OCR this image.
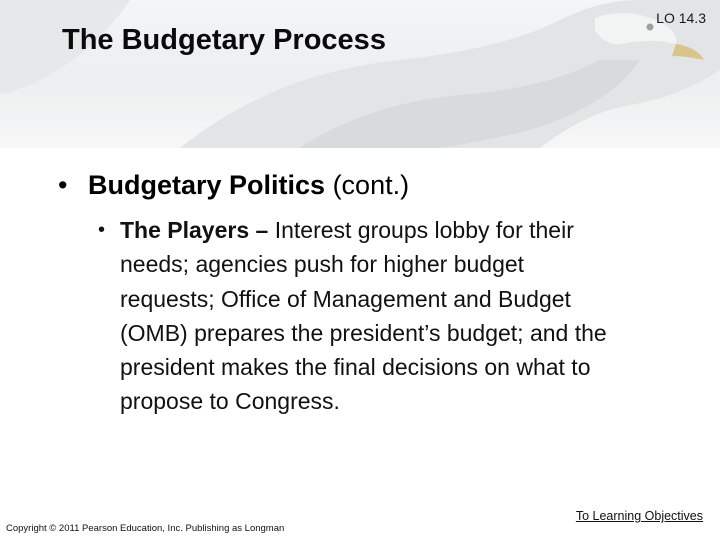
The Budgetary Process
LO 14.3
• Budgetary Politics (cont.)
• The Players – Interest groups lobby for their needs; agencies push for higher budget requests; Office of Management and Budget (OMB) prepares the president’s budget; and the president makes the final decisions on what to propose to Congress.
Copyright © 2011 Pearson Education, Inc. Publishing as Longman
To Learning Objectives
